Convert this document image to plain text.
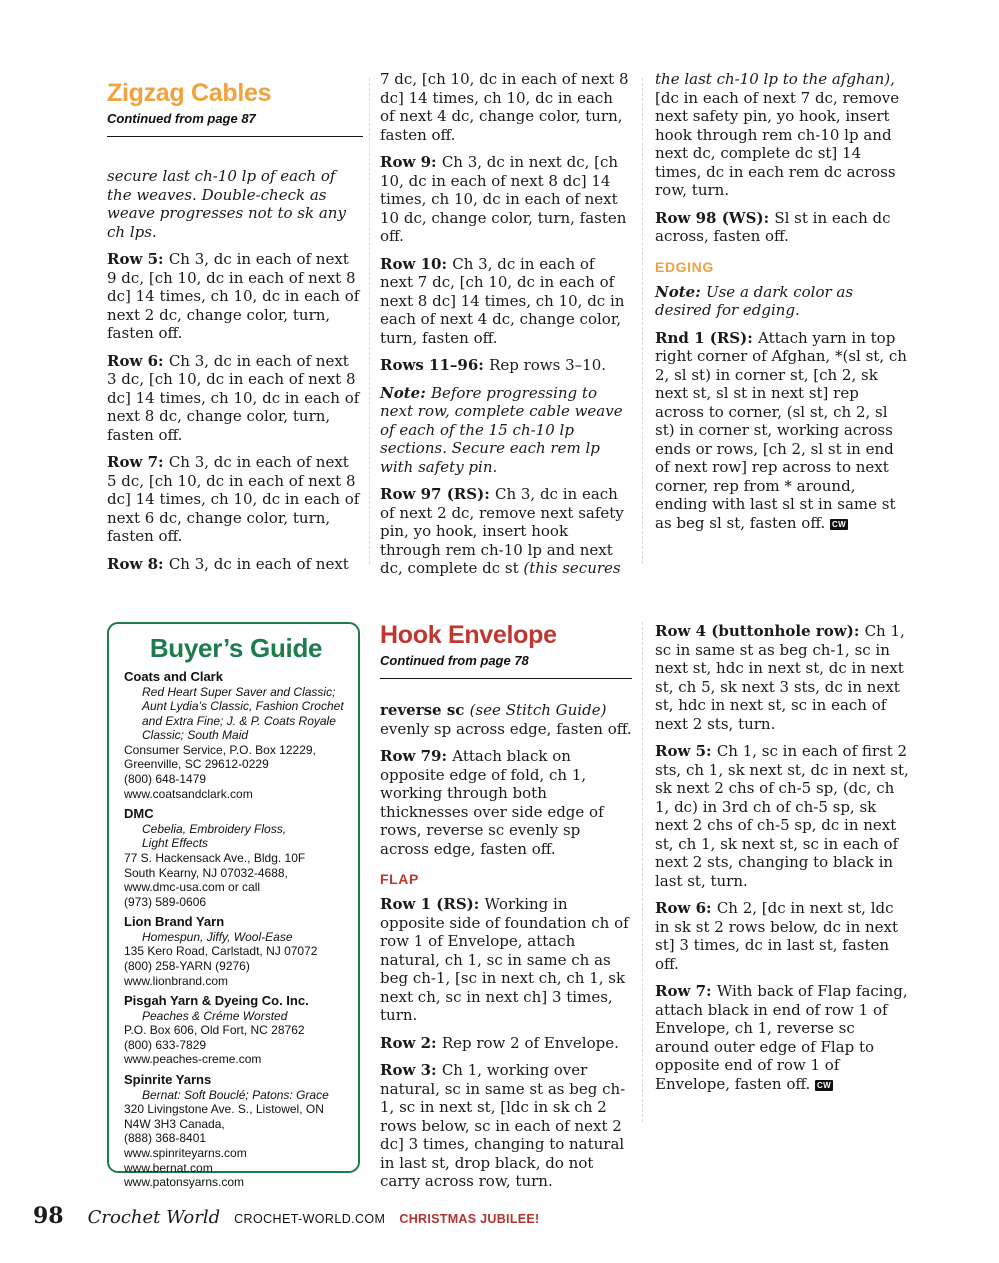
Zigzag Cables
Continued from page 87

secure last ch-10 lp of each of the weaves. Double-check as weave progresses not to sk any ch lps.

Row 5: Ch 3, dc in each of next 9 dc, [ch 10, dc in each of next 8 dc] 14 times, ch 10, dc in each of next 2 dc, change color, turn, fasten off.

Row 6: Ch 3, dc in each of next 3 dc, [ch 10, dc in each of next 8 dc] 14 times, ch 10, dc in each of next 8 dc, change color, turn, fasten off.

Row 7: Ch 3, dc in each of next 5 dc, [ch 10, dc in each of next 8 dc] 14 times, ch 10, dc in each of next 6 dc, change color, turn, fasten off.

Row 8: Ch 3, dc in each of next

7 dc, [ch 10, dc in each of next 8 dc] 14 times, ch 10, dc in each of next 4 dc, change color, turn, fasten off.

Row 9: Ch 3, dc in next dc, [ch 10, dc in each of next 8 dc] 14 times, ch 10, dc in each of next 10 dc, change color, turn, fasten off.

Row 10: Ch 3, dc in each of next 7 dc, [ch 10, dc in each of next 8 dc] 14 times, ch 10, dc in each of next 4 dc, change color, turn, fasten off.

Rows 11–96: Rep rows 3–10.

Note: Before progressing to next row, complete cable weave of each of the 15 ch-10 lp sections. Secure each rem lp with safety pin.

Row 97 (RS): Ch 3, dc in each of next 2 dc, remove next safety pin, yo hook, insert hook through rem ch-10 lp and next dc, complete dc st (this secures

the last ch-10 lp to the afghan), [dc in each of next 7 dc, remove next safety pin, yo hook, insert hook through rem ch-10 lp and next dc, complete dc st] 14 times, dc in each rem dc across row, turn.

Row 98 (WS): Sl st in each dc across, fasten off.

EDGING

Note: Use a dark color as desired for edging.

Rnd 1 (RS): Attach yarn in top right corner of Afghan, *(sl st, ch 2, sl st) in corner st, [ch 2, sk next st, sl st in next st] rep across to corner, (sl st, ch 2, sl st) in corner st, working across ends or rows, [ch 2, sl st in end of next row] rep across to next corner, rep from * around, ending with last sl st in same st as beg sl st, fasten off. CW

Buyer’s Guide
Coats and Clark
Red Heart Super Saver and Classic;
Aunt Lydia’s Classic, Fashion Crochet
and Extra Fine; J. & P. Coats Royale
Classic; South Maid
Consumer Service, P.O. Box 12229,
Greenville, SC 29612-0229
(800) 648-1479
www.coatsandclark.com
DMC
Cebelia, Embroidery Floss,
Light Effects
77 S. Hackensack Ave., Bldg. 10F
South Kearny, NJ 07032-4688,
www.dmc-usa.com or call
(973) 589-0606
Lion Brand Yarn
Homespun, Jiffy, Wool-Ease
135 Kero Road, Carlstadt, NJ 07072
(800) 258-YARN (9276)
www.lionbrand.com
Pisgah Yarn & Dyeing Co. Inc.
Peaches & Créme Worsted
P.O. Box 606, Old Fort, NC 28762
(800) 633-7829
www.peaches-creme.com
Spinrite Yarns
Bernat: Soft Bouclé; Patons: Grace
320 Livingstone Ave. S., Listowel, ON
N4W 3H3 Canada,
(888) 368-8401
www.spinriteyarns.com
www.bernat.com
www.patonsyarns.com
Hook Envelope
Continued from page 78

reverse sc (see Stitch Guide) evenly sp across edge, fasten off.

Row 79: Attach black on opposite edge of fold, ch 1, working through both thicknesses over side edge of rows, reverse sc evenly sp across edge, fasten off.

FLAP

Row 1 (RS): Working in opposite side of foundation ch of row 1 of Envelope, attach natural, ch 1, sc in same ch as beg ch-1, [sc in next ch, ch 1, sk next ch, sc in next ch] 3 times, turn.

Row 2: Rep row 2 of Envelope.

Row 3: Ch 1, working over natural, sc in same st as beg ch-1, sc in next st, [ldc in sk ch 2 rows below, sc in each of next 2 dc] 3 times, changing to natural in last st, drop black, do not carry across row, turn.

Row 4 (buttonhole row): Ch 1, sc in same st as beg ch-1, sc in next st, hdc in next st, dc in next st, ch 5, sk next 3 sts, dc in next st, hdc in next st, sc in each of next 2 sts, turn.

Row 5: Ch 1, sc in each of first 2 sts, ch 1, sk next st, dc in next st, sk next 2 chs of ch-5 sp, (dc, ch 1, dc) in 3rd ch of ch-5 sp, sk next 2 chs of ch-5 sp, dc in next st, ch 1, sk next st, sc in each of next 2 sts, changing to black in last st, turn.

Row 6: Ch 2, [dc in next st, ldc in sk st 2 rows below, dc in next st] 3 times, dc in last st, fasten off.

Row 7: With back of Flap facing, attach black in end of row 1 of Envelope, ch 1, reverse sc around outer edge of Flap to opposite end of row 1 of Envelope, fasten off. CW

98 Crochet World CROCHET-WORLD.COM CHRISTMAS JUBILEE!
